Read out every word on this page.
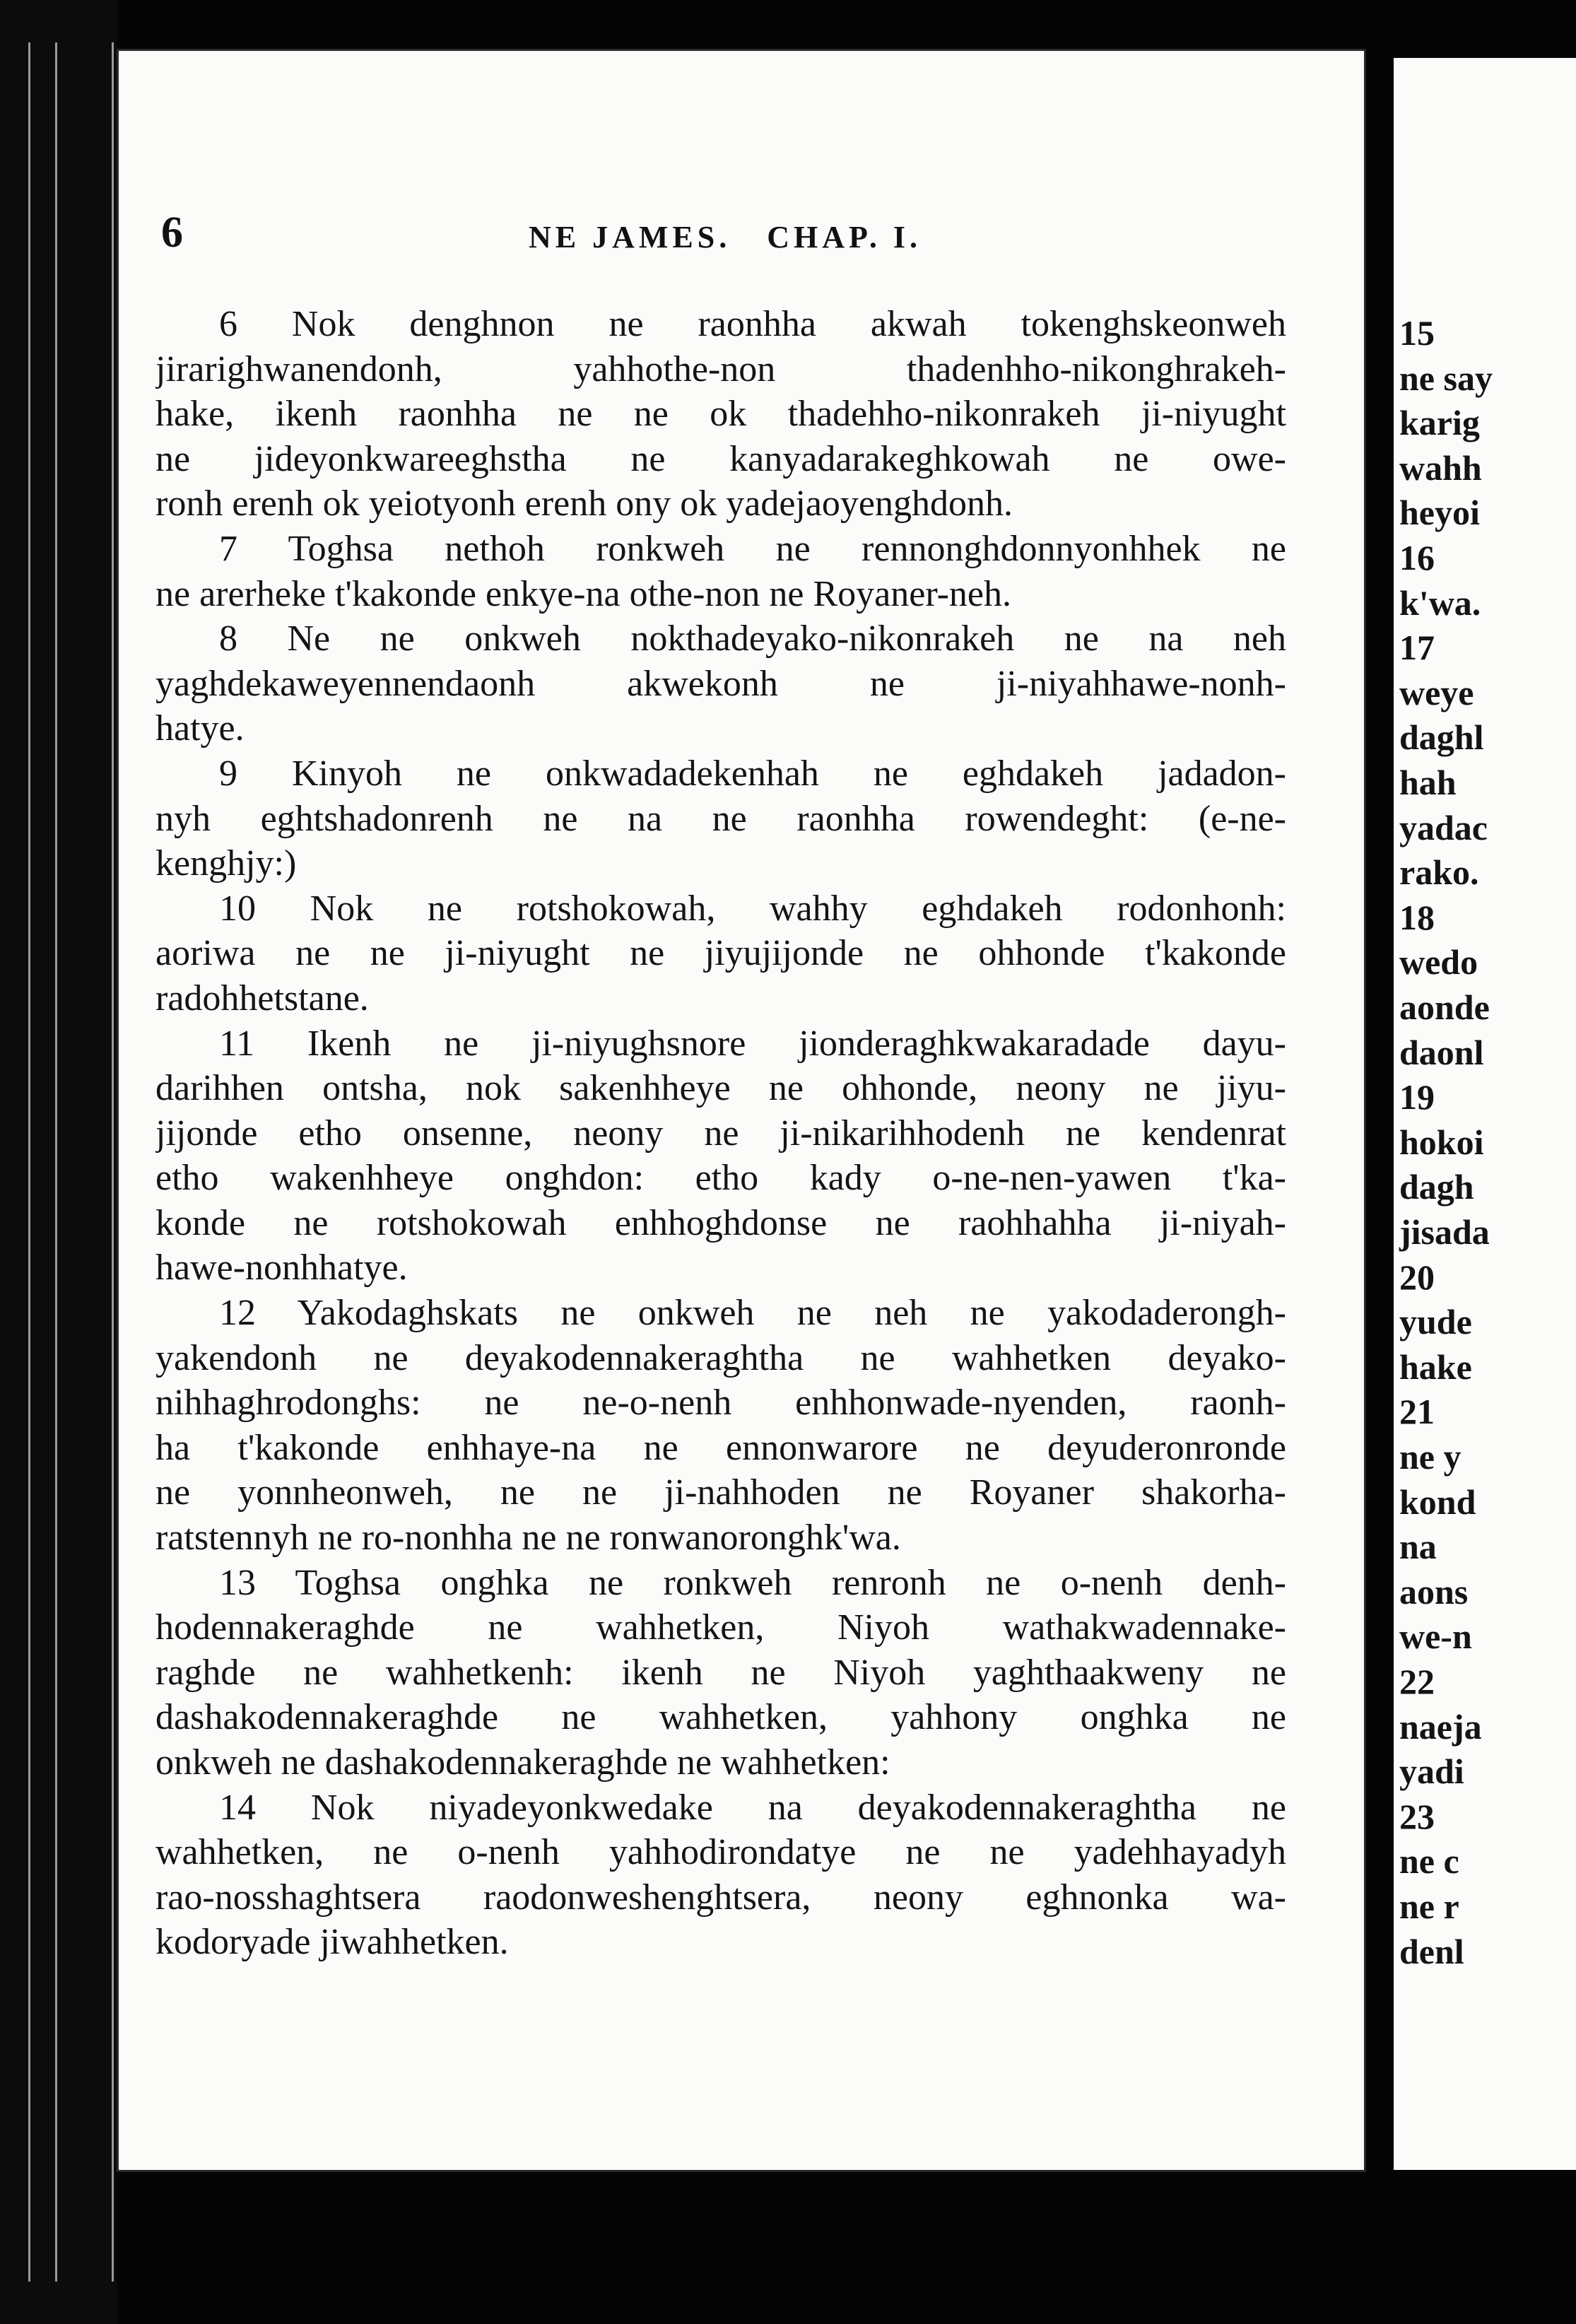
6	NE JAMES.   CHAP. I.
6 Nok denghnon ne raonhha akwah tokenghskeonweh
jirarighwanendonh, yahhothe-non thadenhho-nikonghrakeh-
hake, ikenh raonhha ne ne ok thadehho-nikonrakeh ji-niyught
ne jideyonkwareeghstha ne kanyadarakeghkowah ne owe-
ronh erenh ok yeiotyonh erenh ony ok yadejaoyenghdonh.
7 Toghsa nethoh ronkweh ne rennonghdonnyonhhek ne
ne arerheke t'kakonde enkye-na othe-non ne Royaner-neh.
8 Ne ne onkweh nokthadeyako-nikonrakeh ne na neh
yaghdekaweyennendaonh akwekonh ne ji-niyahhawe-nonh-
hatye.
9 Kinyoh ne onkwadadekenhah ne eghdakeh jadadon-
nyh eghtshadonrenh ne na ne raonhha rowendeght: (e-ne-
kenghjy:)
10 Nok ne rotshokowah, wahhy eghdakeh rodonhonh:
aoriwa ne ne ji-niyught ne jiyujijonde ne ohhonde t'kakonde
radohhetstane.
11 Ikenh ne ji-niyughsnore jionderaghkwakaradade dayu-
darihhen ontsha, nok sakenhheye ne ohhonde, neony ne jiyu-
jijonde etho onsenne, neony ne ji-nikarihhodenh ne kendenrat
etho wakenhheye onghdon: etho kady o-ne-nen-yawen t'ka-
konde ne rotshokowah enhhoghdonse ne raohhahha ji-niyah-
hawe-nonhhatye.
12 Yakodaghskats ne onkweh ne neh ne yakodaderongh-
yakendonh ne deyakodennakeraghtha ne wahhetken deyako-
nihhaghrodonghs: ne ne-o-nenh enhhonwade-nyenden, raonh-
ha t'kakonde enhhaye-na ne ennonwarore ne deyuderonronde
ne yonnheonweh, ne ne ji-nahhoden ne Royaner shakorha-
ratstennyh ne ro-nonhha ne ne ronwanoronghk'wa.
13 Toghsa onghka ne ronkweh renronh ne o-nenh denh-
hodennakeraghde ne wahhetken, Niyoh wathakwadennake-
raghde ne wahhetkenh: ikenh ne Niyoh yaghthaakweny ne
dashakodennakeraghde ne wahhetken, yahhony onghka ne
onkweh ne dashakodennakeraghde ne wahhetken:
14 Nok niyadeyonkwedake na deyakodennakeraghtha ne
wahhetken, ne o-nenh yahhodirondatye ne ne yadehhayadyh
rao-nosshaghtsera raodonweshenghtsera, neony eghnonka wa-
kodoryade jiwahhetken.
15
ne say
karig
wahh
heyoi
16
k'wa.
17
weye
daghl
hah
yadac
rako.
18
wedo
aonde
daonl
19
hokoi
dagh
jisada
20
yude
hake
21
ne y
kond
na
aons
we-n
22
naeja
yadi
23
ne c
ne r
denl
